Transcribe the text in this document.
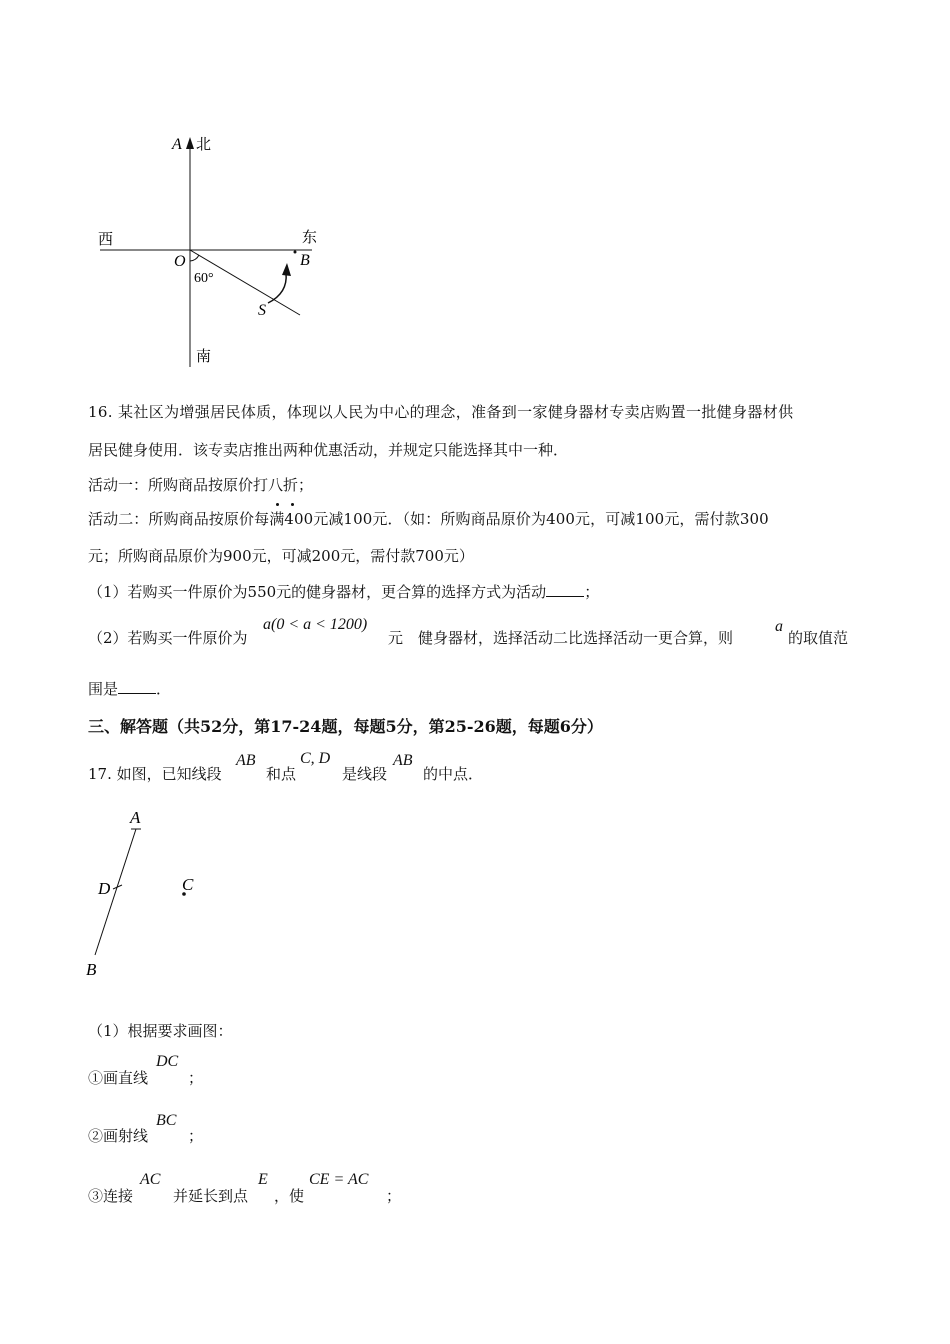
A 北
西	东
O	B
60°
S
南
16. 某社区为增强居民体质，体现以人民为中心的理念，准备到一家健身器材专卖店购置一批健身器材供
居民健身使用．该专卖店推出两种优惠活动，并规定只能选择其中一种．
活动一：所购商品按原价打八折；
活动二：所购商品按原价每满400元减100元．（如：所购商品原价为400元，可减100元，需付款300
元；所购商品原价为900元，可减200元，需付款700元）
（1）若购买一件原价为550元的健身器材，更合算的选择方式为活动	；
（2）若购买一件原价为
a(0 < a < 1200)
元　健身器材，选择活动二比选择活动一更合算，则
a
的取值范
围是	．
三、解答题（共52分，第17-24题，每题5分，第25-26题，每题6分）
17. 如图，已知线段
AB
和点
C, D
是线段
AB
的中点．
A
D	C
B
（1）根据要求画图：
①画直线
DC
；
②画射线
BC
；
③连接
AC
并延长到点
E
，使
CE = AC
；
